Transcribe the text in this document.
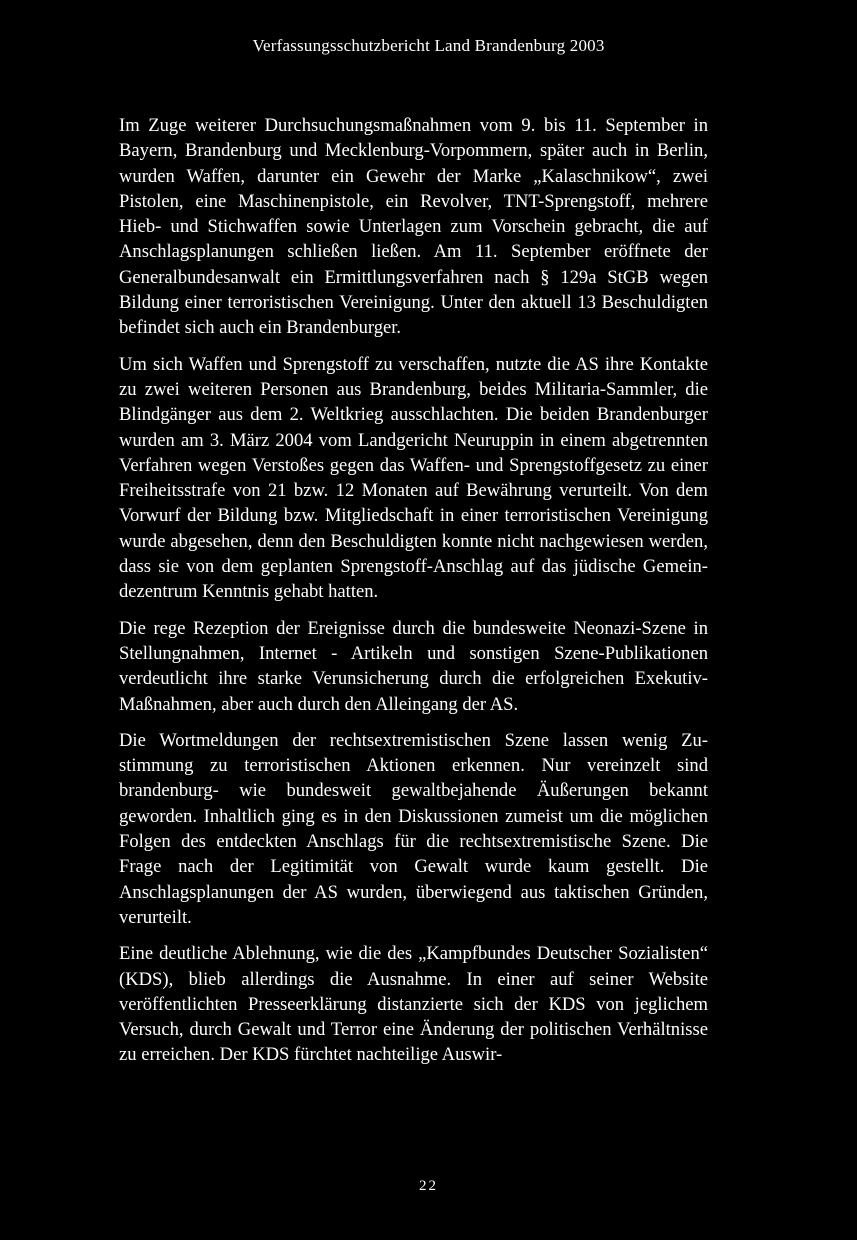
Verfassungsschutzbericht Land Brandenburg 2003

Im Zuge weiterer Durchsuchungsmaßnahmen vom 9. bis 11. September in Bayern, Brandenburg und Mecklenburg-Vorpommern, später auch in Berlin, wurden Waffen, darunter ein Gewehr der Marke „Kalaschnikow“, zwei Pistolen, eine Maschinenpistole, ein Revolver, TNT-Sprengstoff, mehrere Hieb- und Stichwaffen sowie Unterlagen zum Vorschein gebracht, die auf Anschlagsplanungen schließen ließen. Am 11. September eröffnete der Generalbundesanwalt ein Ermittlungsverfahren nach § 129a StGB wegen Bildung einer terroristischen Vereinigung. Unter den aktuell 13 Beschuldigten befindet sich auch ein Brandenburger.

Um sich Waffen und Sprengstoff zu verschaffen, nutzte die AS ihre Kontakte zu zwei weiteren Personen aus Brandenburg, beides Militaria-Sammler, die Blindgänger aus dem 2. Weltkrieg ausschlachten. Die beiden Brandenburger wurden am 3. März 2004 vom Landgericht Neuruppin in einem abgetrennten Verfahren wegen Verstoßes gegen das Waffen- und Sprengstoffgesetz zu einer Freiheitsstrafe von 21 bzw. 12 Monaten auf Bewährung verurteilt. Von dem Vorwurf der Bildung bzw. Mitgliedschaft in einer terroristischen Vereinigung wurde abgesehen, denn den Beschuldigten konnte nicht nachgewiesen werden, dass sie von dem geplanten Sprengstoff-Anschlag auf das jüdische Gemeindezentrum Kenntnis gehabt hatten.

Die rege Rezeption der Ereignisse durch die bundesweite Neonazi-Szene in Stellungnahmen, Internet - Artikeln und sonstigen Szene-Publikationen verdeutlicht ihre starke Verunsicherung durch die erfolgreichen Exekutiv-Maßnahmen, aber auch durch den Alleingang der AS.

Die Wortmeldungen der rechtsextremistischen Szene lassen wenig Zustimmung zu terroristischen Aktionen erkennen. Nur vereinzelt sind brandenburg- wie bundesweit gewaltbejahende Äußerungen bekannt geworden. Inhaltlich ging es in den Diskussionen zumeist um die möglichen Folgen des entdeckten Anschlags für die rechtsextremistische Szene. Die Frage nach der Legitimität von Gewalt wurde kaum gestellt. Die Anschlagsplanungen der AS wurden, überwiegend aus taktischen Gründen, verurteilt.

Eine deutliche Ablehnung, wie die des „Kampfbundes Deutscher Sozialisten“ (KDS), blieb allerdings die Ausnahme. In einer auf seiner Website veröffentlichten Presseerklärung distanzierte sich der KDS von jeglichem Versuch, durch Gewalt und Terror eine Änderung der politischen Verhältnisse zu erreichen. Der KDS fürchtet nachteilige Auswir-

22
